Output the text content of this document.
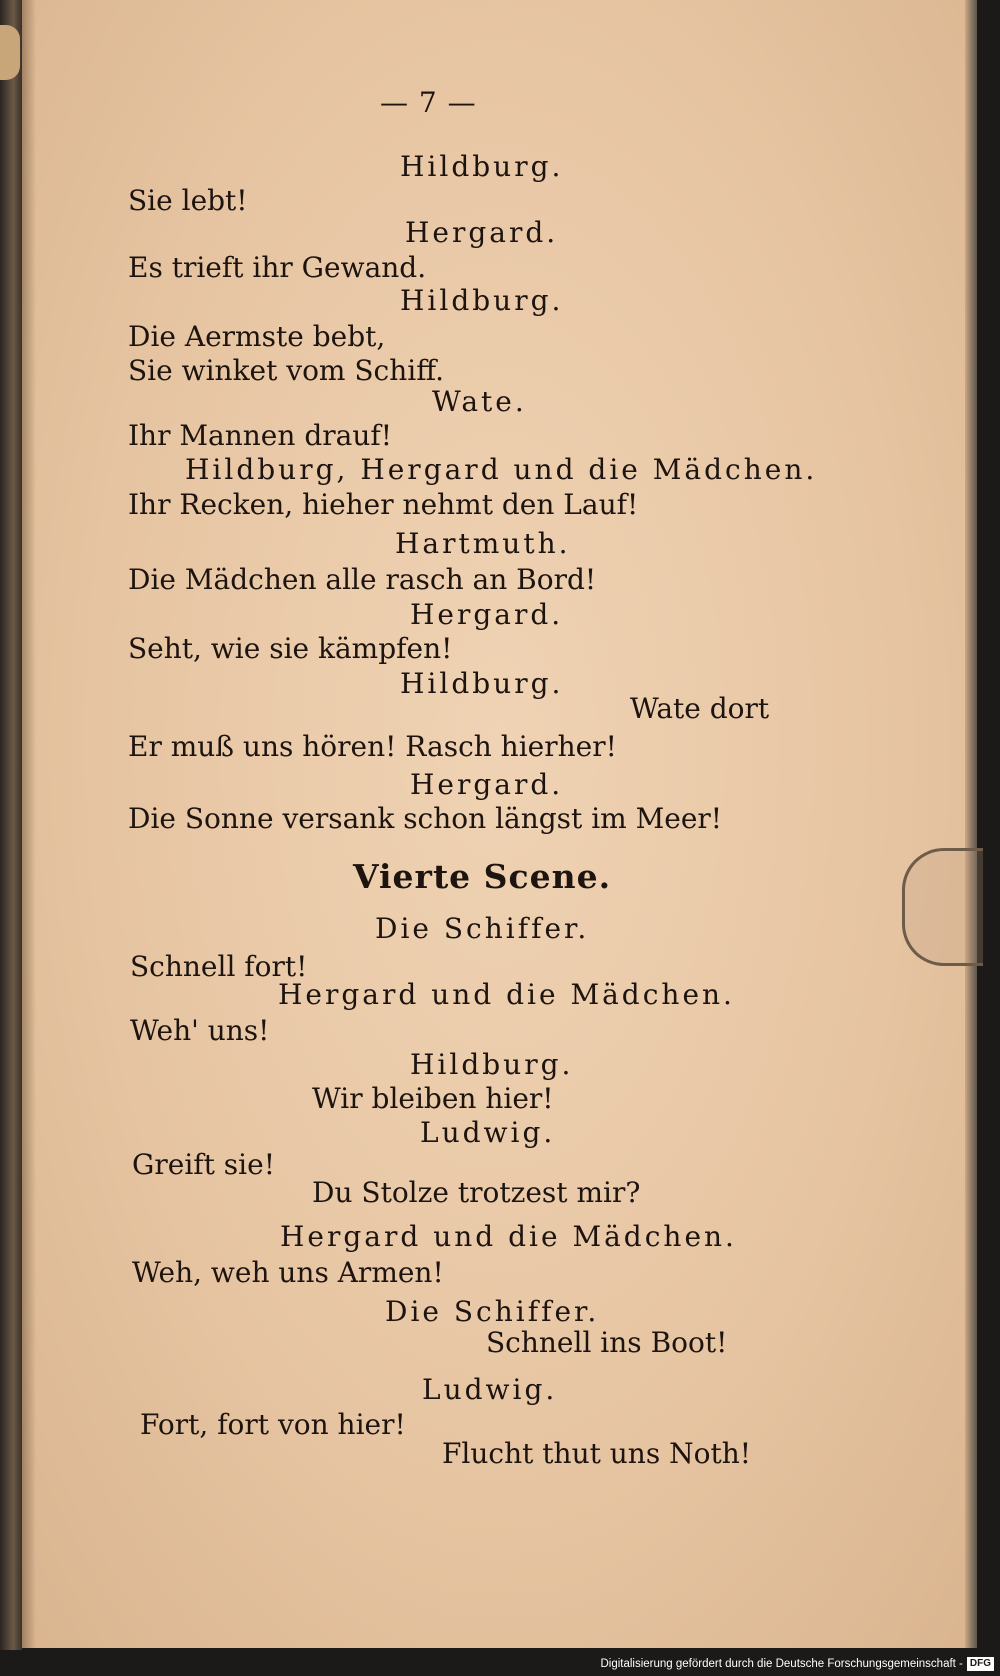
— 7 —
Hildburg.
Sie lebt!
Hergard.
Es trieft ihr Gewand.
Hildburg.
Die Aermste bebt,
Sie winket vom Schiff.
Wate.
Ihr Mannen drauf!
Hildburg, Hergard und die Mädchen.
Ihr Recken, hieher nehmt den Lauf!
Hartmuth.
Die Mädchen alle rasch an Bord!
Hergard.
Seht, wie sie kämpfen!
Hildburg.
Wate dort
Er muß uns hören! Rasch hierher!
Hergard.
Die Sonne versank schon längst im Meer!
Vierte Scene.
Die Schiffer.
Schnell fort!
Hergard und die Mädchen.
Weh' uns!
Hildburg.
Wir bleiben hier!
Ludwig.
Greift sie!
Du Stolze trotzest mir?
Hergard und die Mädchen.
Weh, weh uns Armen!
Die Schiffer.
Schnell ins Boot!
Ludwig.
Fort, fort von hier!
Flucht thut uns Noth!
Digitalisierung gefördert durch die Deutsche Forschungsgemeinschaft - DFG
